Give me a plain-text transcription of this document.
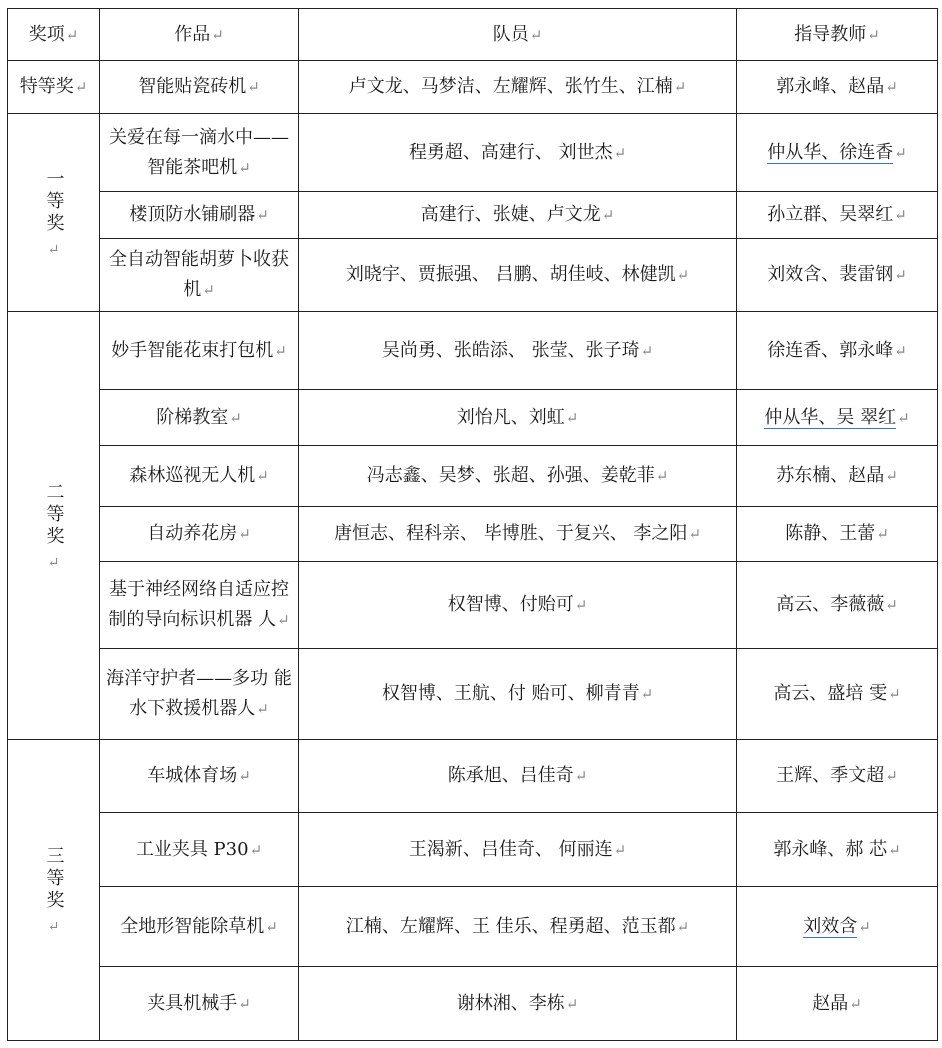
奖项↵	作品↵	队员↵	指导教师↵
特等奖↵	智能贴瓷砖机↵	卢文龙、马梦洁、左耀辉、张竹生、江楠↵	郭永峰、赵晶↵
一等奖
↵	关爱在每一滴水中——智能茶吧机↵	程勇超、高建行、 刘世杰↵	仲从华、徐连香↵
	楼顶防水铺刷器↵	高建行、张婕、卢文龙↵	孙立群、吴翠红↵
	全自动智能胡萝卜收获机↵	刘晓宇、贾振强、 吕鹏、胡佳岐、林健凯↵	刘效含、裴雷钢↵
二等奖
↵	妙手智能花束打包机↵	吴尚勇、张皓添、 张莹、张子琦↵	徐连香、郭永峰↵
	阶梯教室↵	刘怡凡、刘虹↵	仲从华、吴 翠红↵
	森林巡视无人机↵	冯志鑫、吴梦、张超、孙强、姜乾菲↵	苏东楠、赵晶↵
	自动养花房↵	唐恒志、程科亲、 毕博胜、于复兴、 李之阳↵	陈静、王蕾↵
	基于神经网络自适应控制的导向标识机器 人↵	权智博、付贻可↵	高云、李薇薇↵
	海洋守护者——多功 能水下救援机器人↵	权智博、王航、付 贻可、柳青青↵	高云、盛培 雯↵
三等奖
↵	车城体育场↵	陈承旭、吕佳奇↵	王辉、季文超↵
	工业夹具 P30↵	王渴新、吕佳奇、 何丽连↵	郭永峰、郝 芯↵
	全地形智能除草机↵	江楠、左耀辉、王 佳乐、程勇超、范玉都↵	刘效含↵
	夹具机械手↵	谢林湘、李栋↵	赵晶↵
